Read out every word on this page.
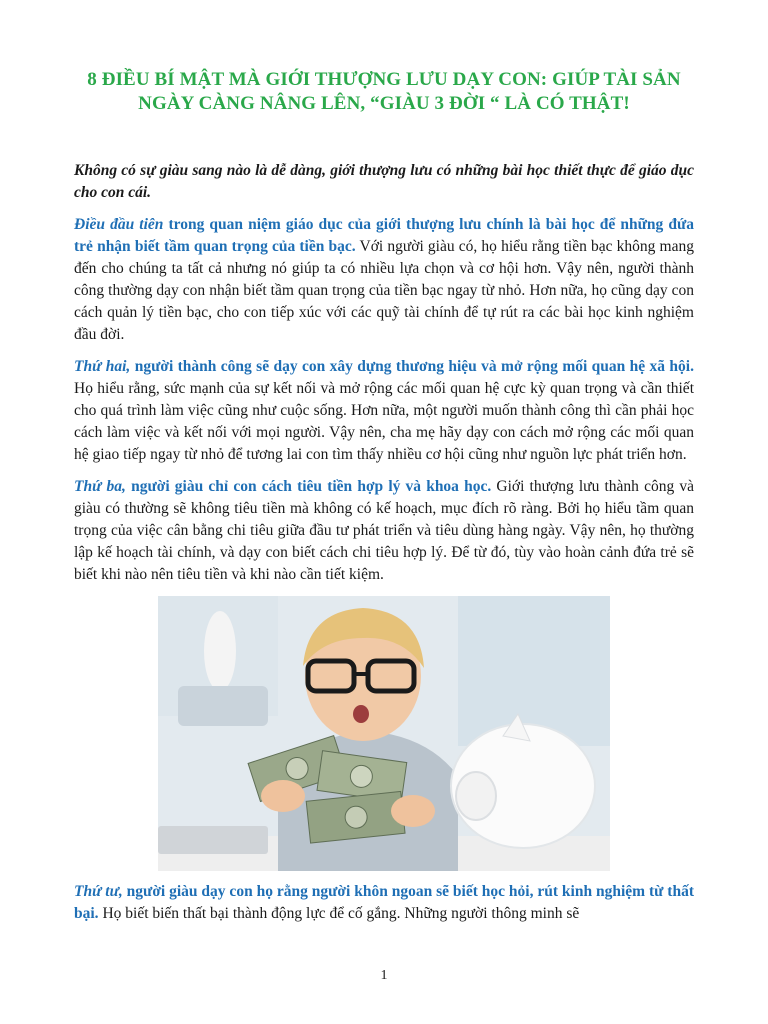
8 ĐIỀU BÍ MẬT MÀ GIỚI THƯỢNG LƯU DẠY CON: GIÚP TÀI SẢN NGÀY CÀNG NÂNG LÊN, “GIÀU 3 ĐỜI “ LÀ CÓ THẬT!

Không có sự giàu sang nào là dễ dàng, giới thượng lưu có những bài học thiết thực để giáo dục cho con cái.

Điều đầu tiên trong quan niệm giáo dục của giới thượng lưu chính là bài học để những đứa trẻ nhận biết tầm quan trọng của tiền bạc. Với người giàu có, họ hiểu rằng tiền bạc không mang đến cho chúng ta tất cả nhưng nó giúp ta có nhiều lựa chọn và cơ hội hơn. Vậy nên, người thành công thường dạy con nhận biết tầm quan trọng của tiền bạc ngay từ nhỏ. Hơn nữa, họ cũng dạy con cách quản lý tiền bạc, cho con tiếp xúc với các quỹ tài chính để tự rút ra các bài học kinh nghiệm đầu đời.

Thứ hai, người thành công sẽ dạy con xây dựng thương hiệu và mở rộng mối quan hệ xã hội. Họ hiểu rằng, sức mạnh của sự kết nối và mở rộng các mối quan hệ cực kỳ quan trọng và cần thiết cho quá trình làm việc cũng như cuộc sống. Hơn nữa, một người muốn thành công thì cần phải học cách làm việc và kết nối với mọi người. Vậy nên, cha mẹ hãy dạy con cách mở rộng các mối quan hệ giao tiếp ngay từ nhỏ để tương lai con tìm thấy nhiều cơ hội cũng như nguồn lực phát triển hơn.

Thứ ba, người giàu chỉ con cách tiêu tiền hợp lý và khoa học. Giới thượng lưu thành công và giàu có thường sẽ không tiêu tiền mà không có kế hoạch, mục đích rõ ràng. Bởi họ hiểu tầm quan trọng của việc cân bằng chi tiêu giữa đầu tư phát triển và tiêu dùng hàng ngày. Vậy nên, họ thường lập kế hoạch tài chính, và dạy con biết cách chi tiêu hợp lý. Để từ đó, tùy vào hoàn cảnh đứa trẻ sẽ biết khi nào nên tiêu tiền và khi nào cần tiết kiệm.

Thứ tư, người giàu dạy con họ rằng người khôn ngoan sẽ biết học hỏi, rút kinh nghiệm từ thất bại. Họ biết biến thất bại thành động lực để cố gắng. Những người thông minh sẽ

1
